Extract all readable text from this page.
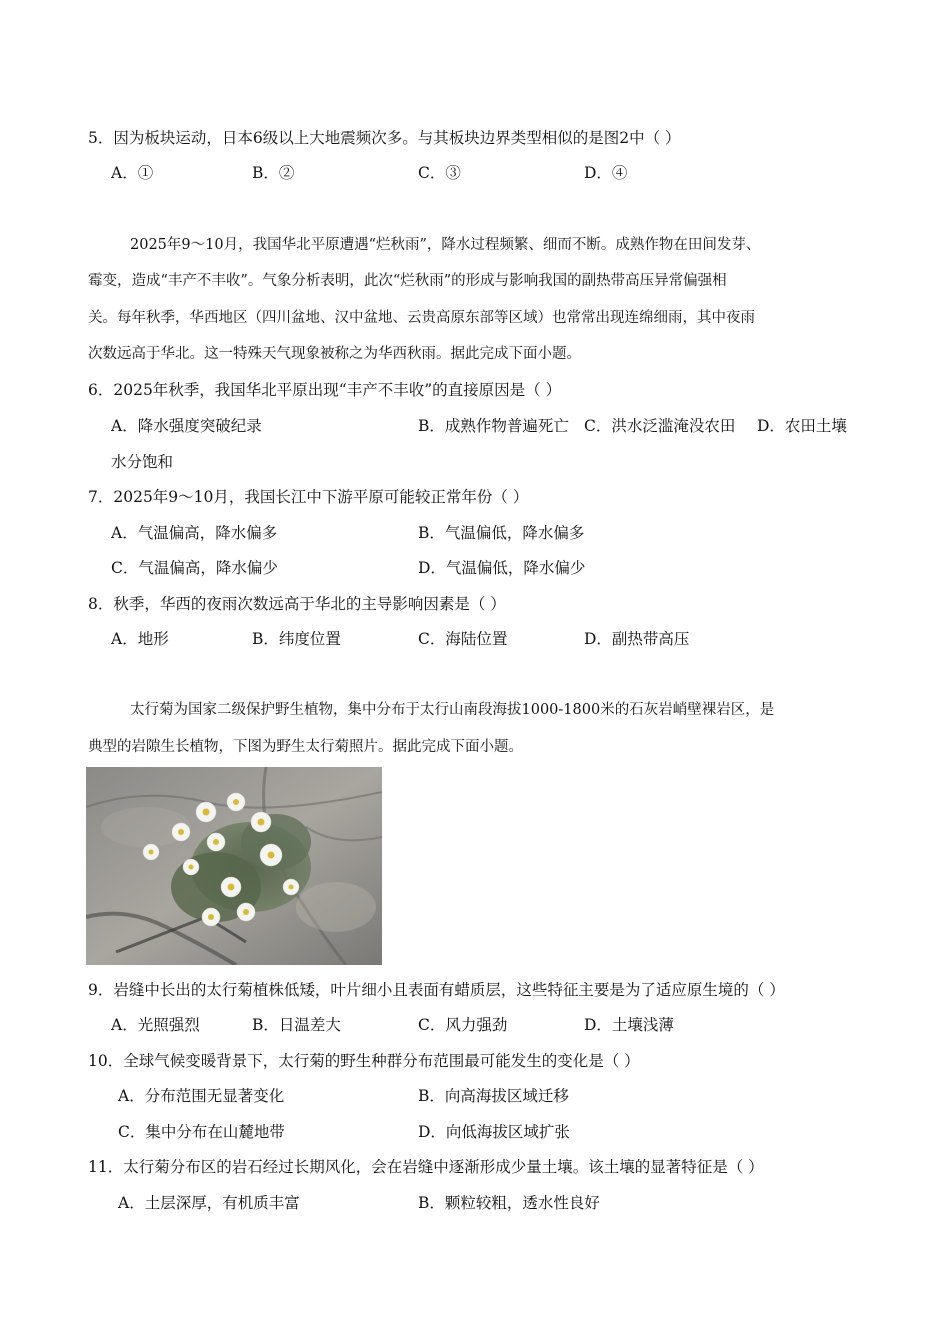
5．因为板块运动，日本6级以上大地震频次多。与其板块边界类型相似的是图2中（ ）
A．①	B．②	C．③	D．④
2025年9～10月，我国华北平原遭遇“烂秋雨”，降水过程频繁、细而不断。成熟作物在田间发芽、
霉变，造成“丰产不丰收”。气象分析表明，此次“烂秋雨”的形成与影响我国的副热带高压异常偏强相
关。每年秋季，华西地区（四川盆地、汉中盆地、云贵高原东部等区域）也常常出现连绵细雨，其中夜雨
次数远高于华北。这一特殊天气现象被称之为华西秋雨。据此完成下面小题。
6．2025年秋季，我国华北平原出现“丰产不丰收”的直接原因是（ ）
A．降水强度突破纪录	B．成熟作物普遍死亡 C．洪水泛滥淹没农田 D．农田土壤
水分饱和
7．2025年9～10月，我国长江中下游平原可能较正常年份（ ）
A．气温偏高，降水偏多	B．气温偏低，降水偏多
C．气温偏高，降水偏少	D．气温偏低，降水偏少
8．秋季，华西的夜雨次数远高于华北的主导影响因素是（ ）
A．地形	B．纬度位置	C．海陆位置	D．副热带高压
太行菊为国家二级保护野生植物，集中分布于太行山南段海拔1000-1800米的石灰岩峭壁裸岩区，是
典型的岩隙生长植物，下图为野生太行菊照片。据此完成下面小题。
9．岩缝中长出的太行菊植株低矮，叶片细小且表面有蜡质层，这些特征主要是为了适应原生境的（ ）
A．光照强烈	B．日温差大	C．风力强劲	D．土壤浅薄
10．全球气候变暖背景下，太行菊的野生种群分布范围最可能发生的变化是（ ）
A．分布范围无显著变化	B．向高海拔区域迁移
C．集中分布在山麓地带	D．向低海拔区域扩张
11．太行菊分布区的岩石经过长期风化，会在岩缝中逐渐形成少量土壤。该土壤的显著特征是（ ）
A．土层深厚，有机质丰富	B．颗粒较粗，透水性良好
